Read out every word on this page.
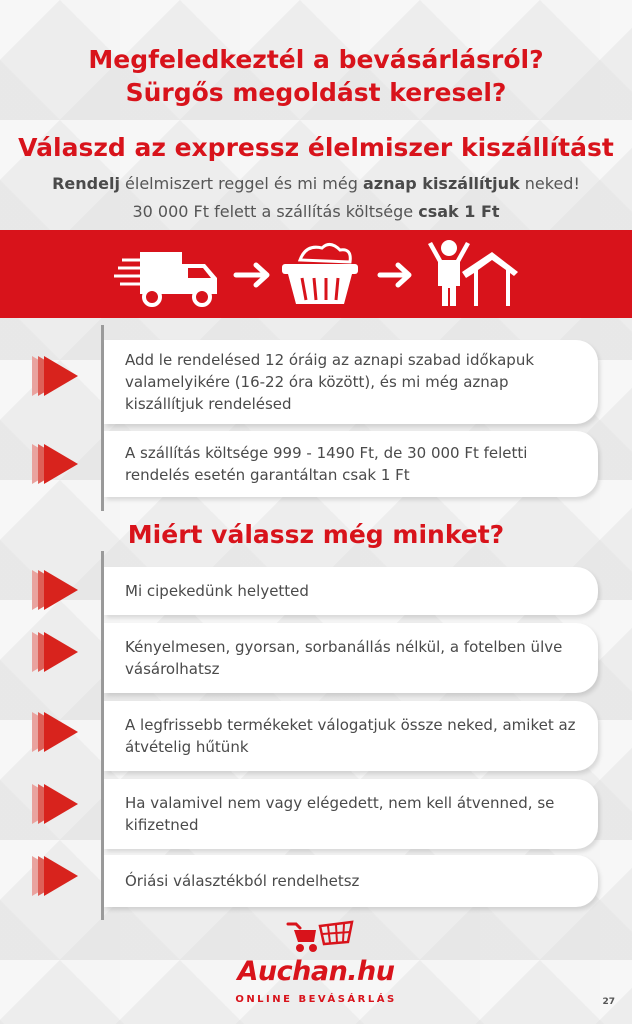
Megfeledkeztél a bevásárlásról?
Sürgős megoldást keresel?
Válaszd az expressz élelmiszer kiszállítást
Rendelj élelmiszert reggel és mi még aznap kiszállítjuk neked!
30 000 Ft felett a szállítás költsége csak 1 Ft
Add le rendelésed 12 óráig az aznapi szabad időkapuk valamelyikére (16-22 óra között), és mi még aznap kiszállítjuk rendelésed
A szállítás költsége 999 - 1490 Ft, de 30 000 Ft feletti rendelés esetén garantáltan csak 1 Ft
Miért válassz még minket?
Mi cipekedünk helyetted
Kényelmesen, gyorsan, sorbanállás nélkül, a fotelben ülve vásárolhatsz
A legfrissebb termékeket válogatjuk össze neked, amiket az átvételig hűtünk
Ha valamivel nem vagy elégedett, nem kell átvenned, se kifizetned
Óriási választékból rendelhetsz
Auchan.hu
ONLINE BEVÁSÁRLÁS	27
